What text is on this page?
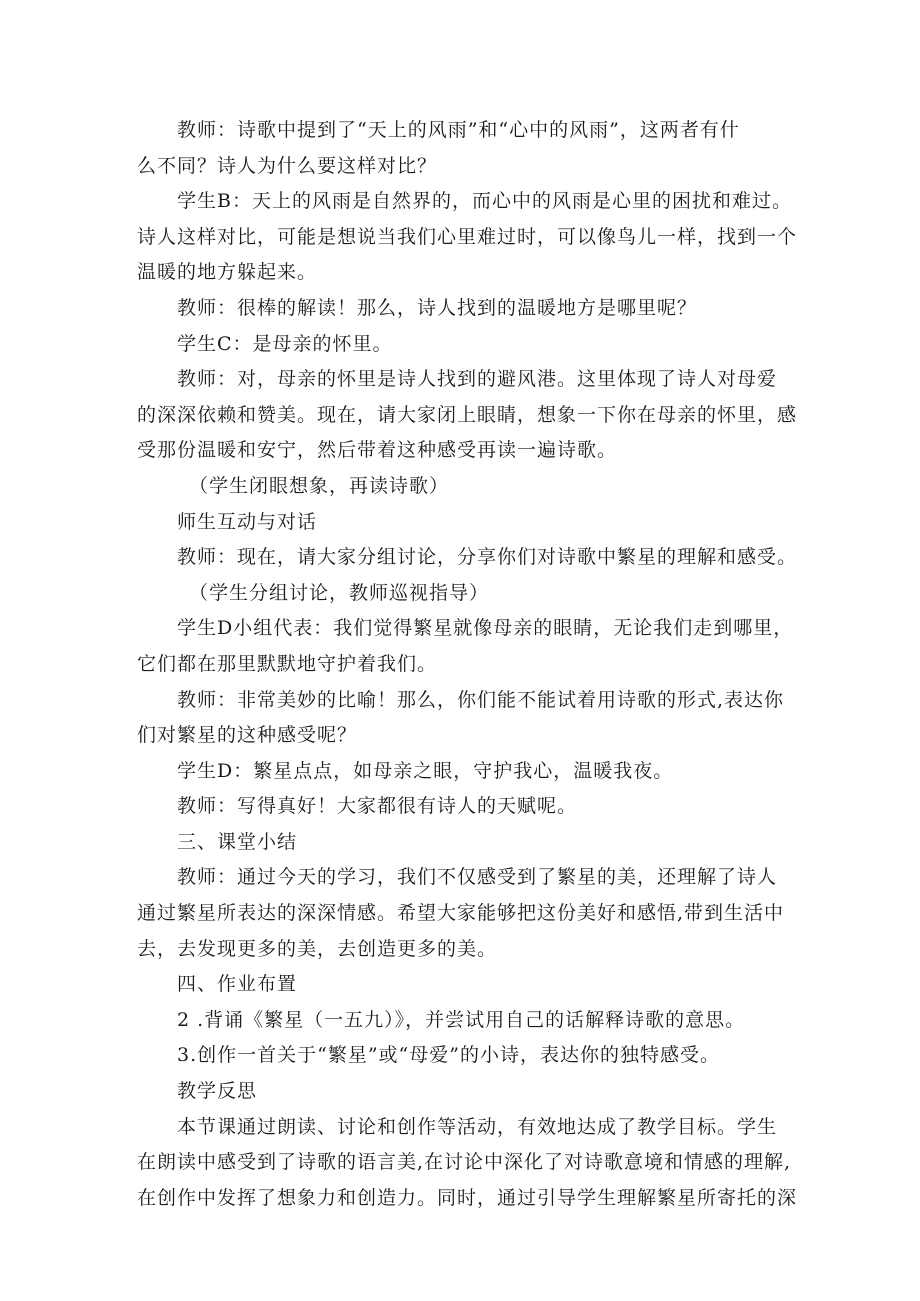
教师：诗歌中提到了“天上的风雨”和“心中的风雨”，这两者有什
么不同？诗人为什么要这样对比？
学生B：天上的风雨是自然界的，而心中的风雨是心里的困扰和难过。
诗人这样对比，可能是想说当我们心里难过时，可以像鸟儿一样，找到一个
温暖的地方躲起来。
教师：很棒的解读！那么，诗人找到的温暖地方是哪里呢？
学生C：是母亲的怀里。
教师：对，母亲的怀里是诗人找到的避风港。这里体现了诗人对母爱
的深深依赖和赞美。现在，请大家闭上眼睛，想象一下你在母亲的怀里，感
受那份温暖和安宁，然后带着这种感受再读一遍诗歌。
（学生闭眼想象，再读诗歌）
师生互动与对话
教师：现在，请大家分组讨论，分享你们对诗歌中繁星的理解和感受。
（学生分组讨论，教师巡视指导）
学生D小组代表：我们觉得繁星就像母亲的眼睛，无论我们走到哪里，
它们都在那里默默地守护着我们。
教师：非常美妙的比喻！那么，你们能不能试着用诗歌的形式,表达你
们对繁星的这种感受呢？
学生D：繁星点点，如母亲之眼，守护我心，温暖我夜。
教师：写得真好！大家都很有诗人的天赋呢。
三、课堂小结
教师：通过今天的学习，我们不仅感受到了繁星的美，还理解了诗人
通过繁星所表达的深深情感。希望大家能够把这份美好和感悟,带到生活中
去，去发现更多的美，去创造更多的美。
四、作业布置
2 .背诵《繁星（一五九）》，并尝试用自己的话解释诗歌的意思。
3.创作一首关于“繁星”或“母爱”的小诗，表达你的独特感受。
教学反思
本节课通过朗读、讨论和创作等活动，有效地达成了教学目标。学生
在朗读中感受到了诗歌的语言美,在讨论中深化了对诗歌意境和情感的理解,
在创作中发挥了想象力和创造力。同时，通过引导学生理解繁星所寄托的深
